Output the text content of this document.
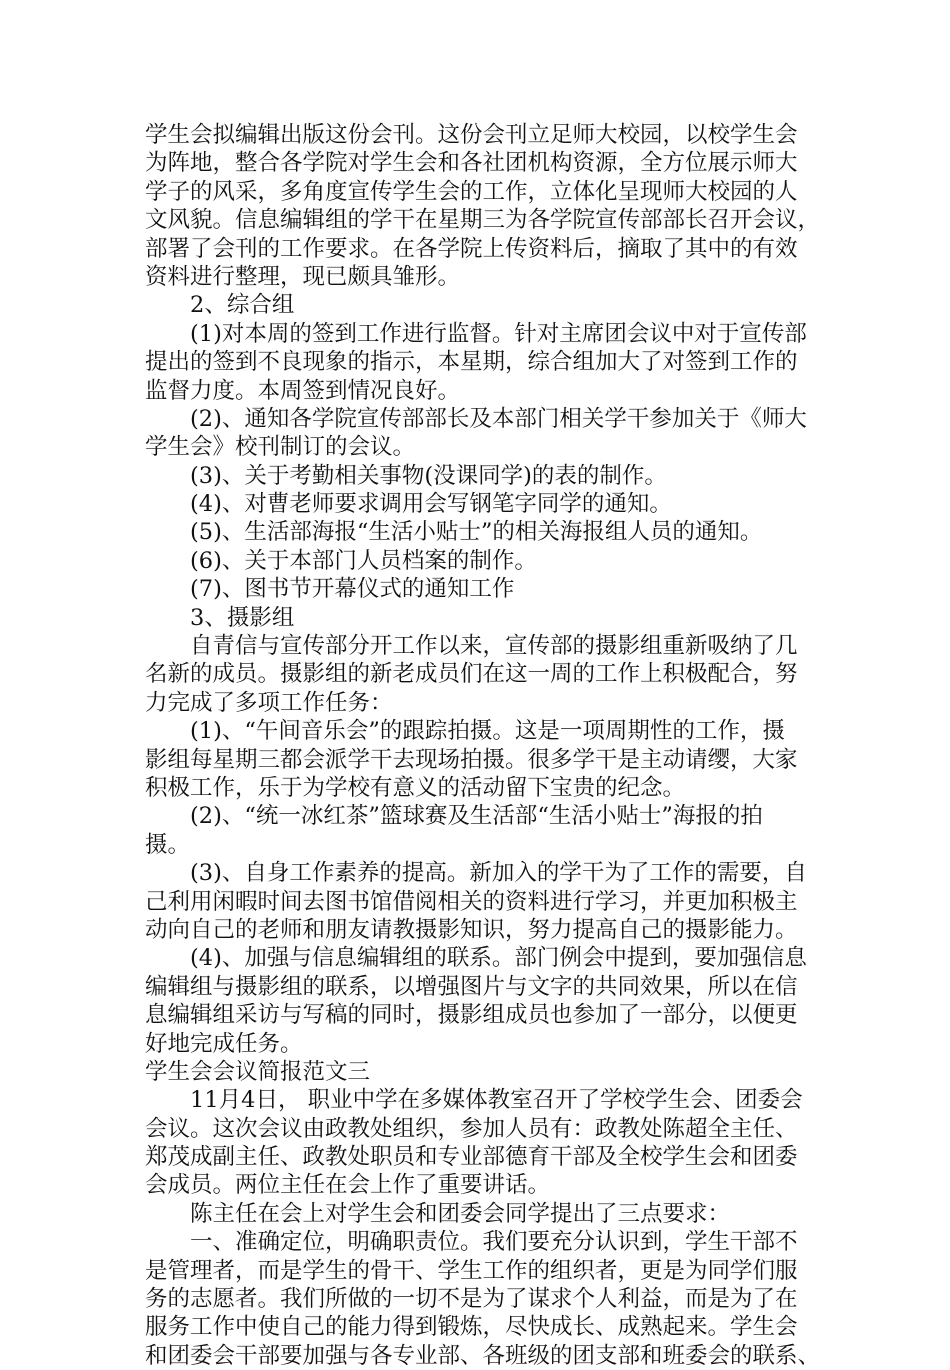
学生会拟编辑出版这份会刊。这份会刊立足师大校园，以校学生会
为阵地，整合各学院对学生会和各社团机构资源，全方位展示师大
学子的风采，多角度宣传学生会的工作，立体化呈现师大校园的人
文风貌。信息编辑组的学干在星期三为各学院宣传部部长召开会议，
部署了会刊的工作要求。在各学院上传资料后，摘取了其中的有效
资料进行整理，现已颇具雏形。
2、综合组
(1)对本周的签到工作进行监督。针对主席团会议中对于宣传部
提出的签到不良现象的指示，本星期，综合组加大了对签到工作的
监督力度。本周签到情况良好。
(2)、通知各学院宣传部部长及本部门相关学干参加关于《师大
学生会》校刊制订的会议。
(3)、关于考勤相关事物(没课同学)的表的制作。
(4)、对曹老师要求调用会写钢笔字同学的通知。
(5)、生活部海报“生活小贴士”的相关海报组人员的通知。
(6)、关于本部门人员档案的制作。
(7)、图书节开幕仪式的通知工作
3、摄影组
自青信与宣传部分开工作以来，宣传部的摄影组重新吸纳了几
名新的成员。摄影组的新老成员们在这一周的工作上积极配合，努
力完成了多项工作任务：
(1)、“午间音乐会”的跟踪拍摄。这是一项周期性的工作，摄
影组每星期三都会派学干去现场拍摄。很多学干是主动请缨，大家
积极工作，乐于为学校有意义的活动留下宝贵的纪念。
(2)、“统一冰红茶”篮球赛及生活部“生活小贴士”海报的拍
摄。
(3)、自身工作素养的提高。新加入的学干为了工作的需要，自
己利用闲暇时间去图书馆借阅相关的资料进行学习，并更加积极主
动向自己的老师和朋友请教摄影知识，努力提高自己的摄影能力。
(4)、加强与信息编辑组的联系。部门例会中提到，要加强信息
编辑组与摄影组的联系，以增强图片与文字的共同效果，所以在信
息编辑组采访与写稿的同时，摄影组成员也参加了一部分，以便更
好地完成任务。
学生会会议简报范文三
11月4日， 职业中学在多媒体教室召开了学校学生会、团委会
会议。这次会议由政教处组织，参加人员有：政教处陈超全主任、
郑茂成副主任、政教处职员和专业部德育干部及全校学生会和团委
会成员。两位主任在会上作了重要讲话。
陈主任在会上对学生会和团委会同学提出了三点要求：
一、准确定位，明确职责位。我们要充分认识到，学生干部不
是管理者，而是学生的骨干、学生工作的组织者，更是为同学们服
务的志愿者。我们所做的一切不是为了谋求个人利益，而是为了在
服务工作中使自己的能力得到锻炼，尽快成长、成熟起来。学生会
和团委会干部要加强与各专业部、各班级的团支部和班委会的联系、
